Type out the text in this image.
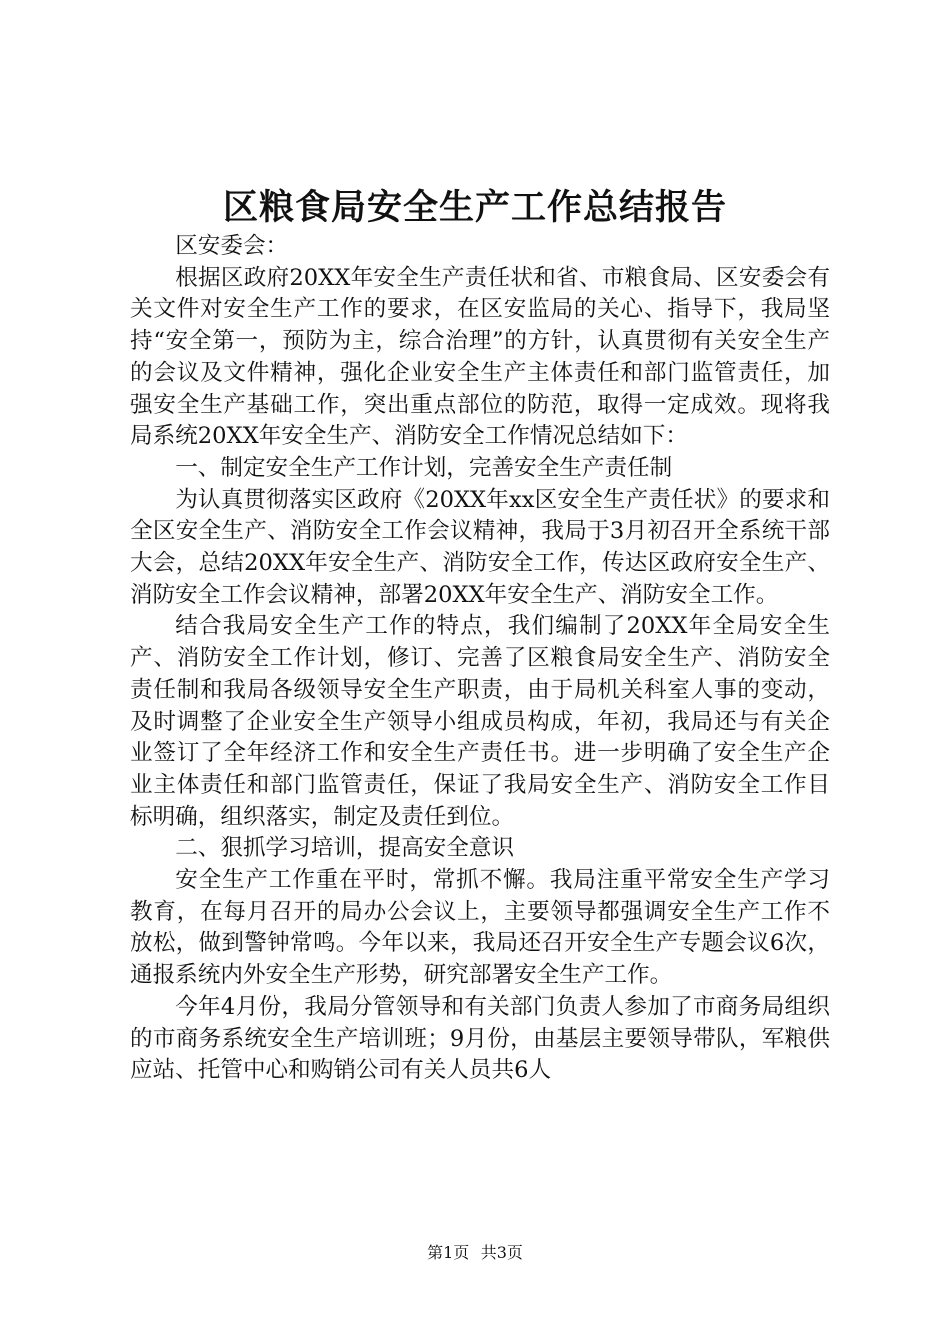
区粮食局安全生产工作总结报告

区安委会：

根据区政府20XX年安全生产责任状和省、市粮食局、区安委会有关文件对安全生产工作的要求，在区安监局的关心、指导下，我局坚持“安全第一，预防为主，综合治理”的方针，认真贯彻有关安全生产的会议及文件精神，强化企业安全生产主体责任和部门监管责任，加强安全生产基础工作，突出重点部位的防范，取得一定成效。现将我局系统20XX年安全生产、消防安全工作情况总结如下：

一、制定安全生产工作计划，完善安全生产责任制

为认真贯彻落实区政府《20XX年xx区安全生产责任状》的要求和全区安全生产、消防安全工作会议精神，我局于3月初召开全系统干部大会，总结20XX年安全生产、消防安全工作，传达区政府安全生产、消防安全工作会议精神，部署20XX年安全生产、消防安全工作。

结合我局安全生产工作的特点，我们编制了20XX年全局安全生产、消防安全工作计划，修订、完善了区粮食局安全生产、消防安全责任制和我局各级领导安全生产职责，由于局机关科室人事的变动，及时调整了企业安全生产领导小组成员构成，年初，我局还与有关企业签订了全年经济工作和安全生产责任书。进一步明确了安全生产企业主体责任和部门监管责任，保证了我局安全生产、消防安全工作目标明确，组织落实，制定及责任到位。

二、狠抓学习培训，提高安全意识

安全生产工作重在平时，常抓不懈。我局注重平常安全生产学习教育，在每月召开的局办公会议上，主要领导都强调安全生产工作不放松，做到警钟常鸣。今年以来，我局还召开安全生产专题会议6次，通报系统内外安全生产形势，研究部署安全生产工作。

今年4月份，我局分管领导和有关部门负责人参加了市商务局组织的市商务系统安全生产培训班；9月份，由基层主要领导带队，军粮供应站、托管中心和购销公司有关人员共6人

第1页 共3页
